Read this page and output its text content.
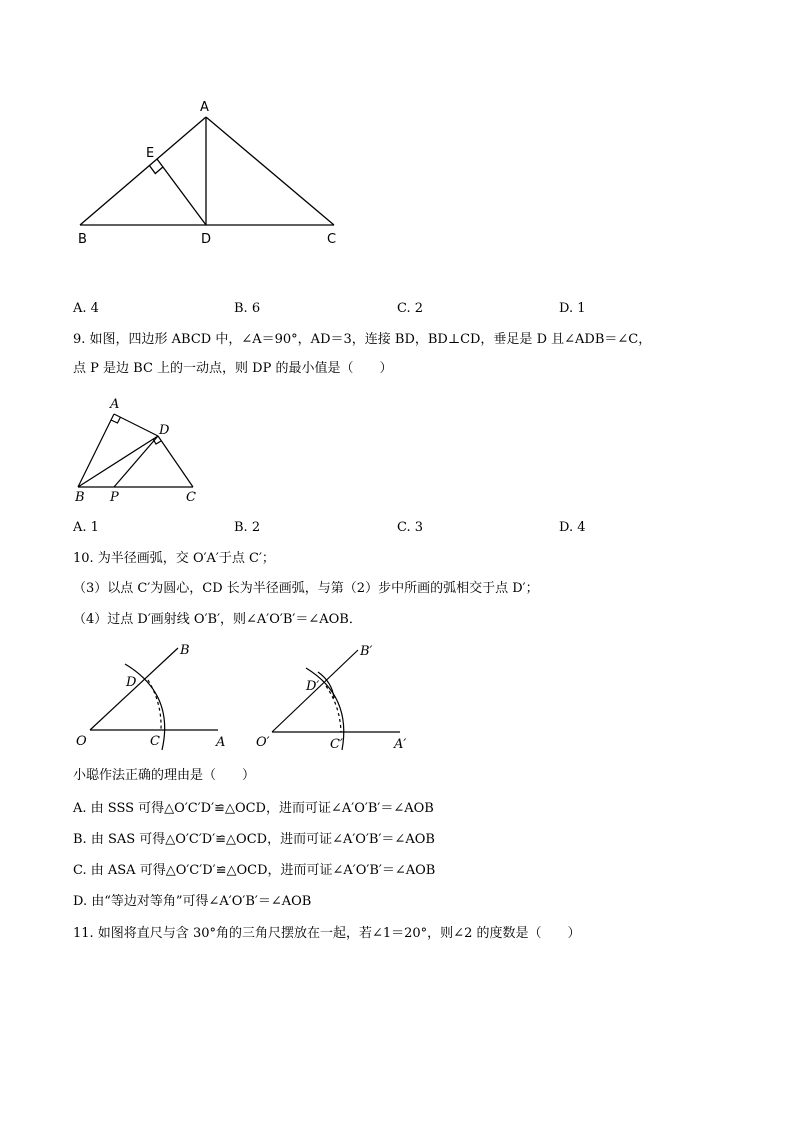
A
E
B	D	C
A. 4	B. 6	C. 2	D. 1
9. 如图，四边形 ABCD 中，∠A＝90°，AD＝3，连接 BD，BD⊥CD，垂足是 D 且∠ADB＝∠C，
点 P 是边 BC 上的一动点，则 DP 的最小值是（　　）
A
D
B P	C
A. 1	B. 2	C. 3	D. 4
10. 为半径画弧，交 O′A′于点 C′；
（3）以点 C′为圆心，CD 长为半径画弧，与第（2）步中所画的弧相交于点 D′；
（4）过点 D′画射线 O′B′，则∠A′O′B′＝∠AOB．
B
D
O	C	A
B′
D′
O′	C′	A′
小聪作法正确的理由是（　　）
A. 由 SSS 可得△O′C′D′≌△OCD，进而可证∠A′O′B′＝∠AOB
B. 由 SAS 可得△O′C′D′≌△OCD，进而可证∠A′O′B′＝∠AOB
C. 由 ASA 可得△O′C′D′≌△OCD，进而可证∠A′O′B′＝∠AOB
D. 由“等边对等角”可得∠A′O′B′＝∠AOB
11. 如图将直尺与含 30°角的三角尺摆放在一起，若∠1＝20°，则∠2 的度数是（　　）
